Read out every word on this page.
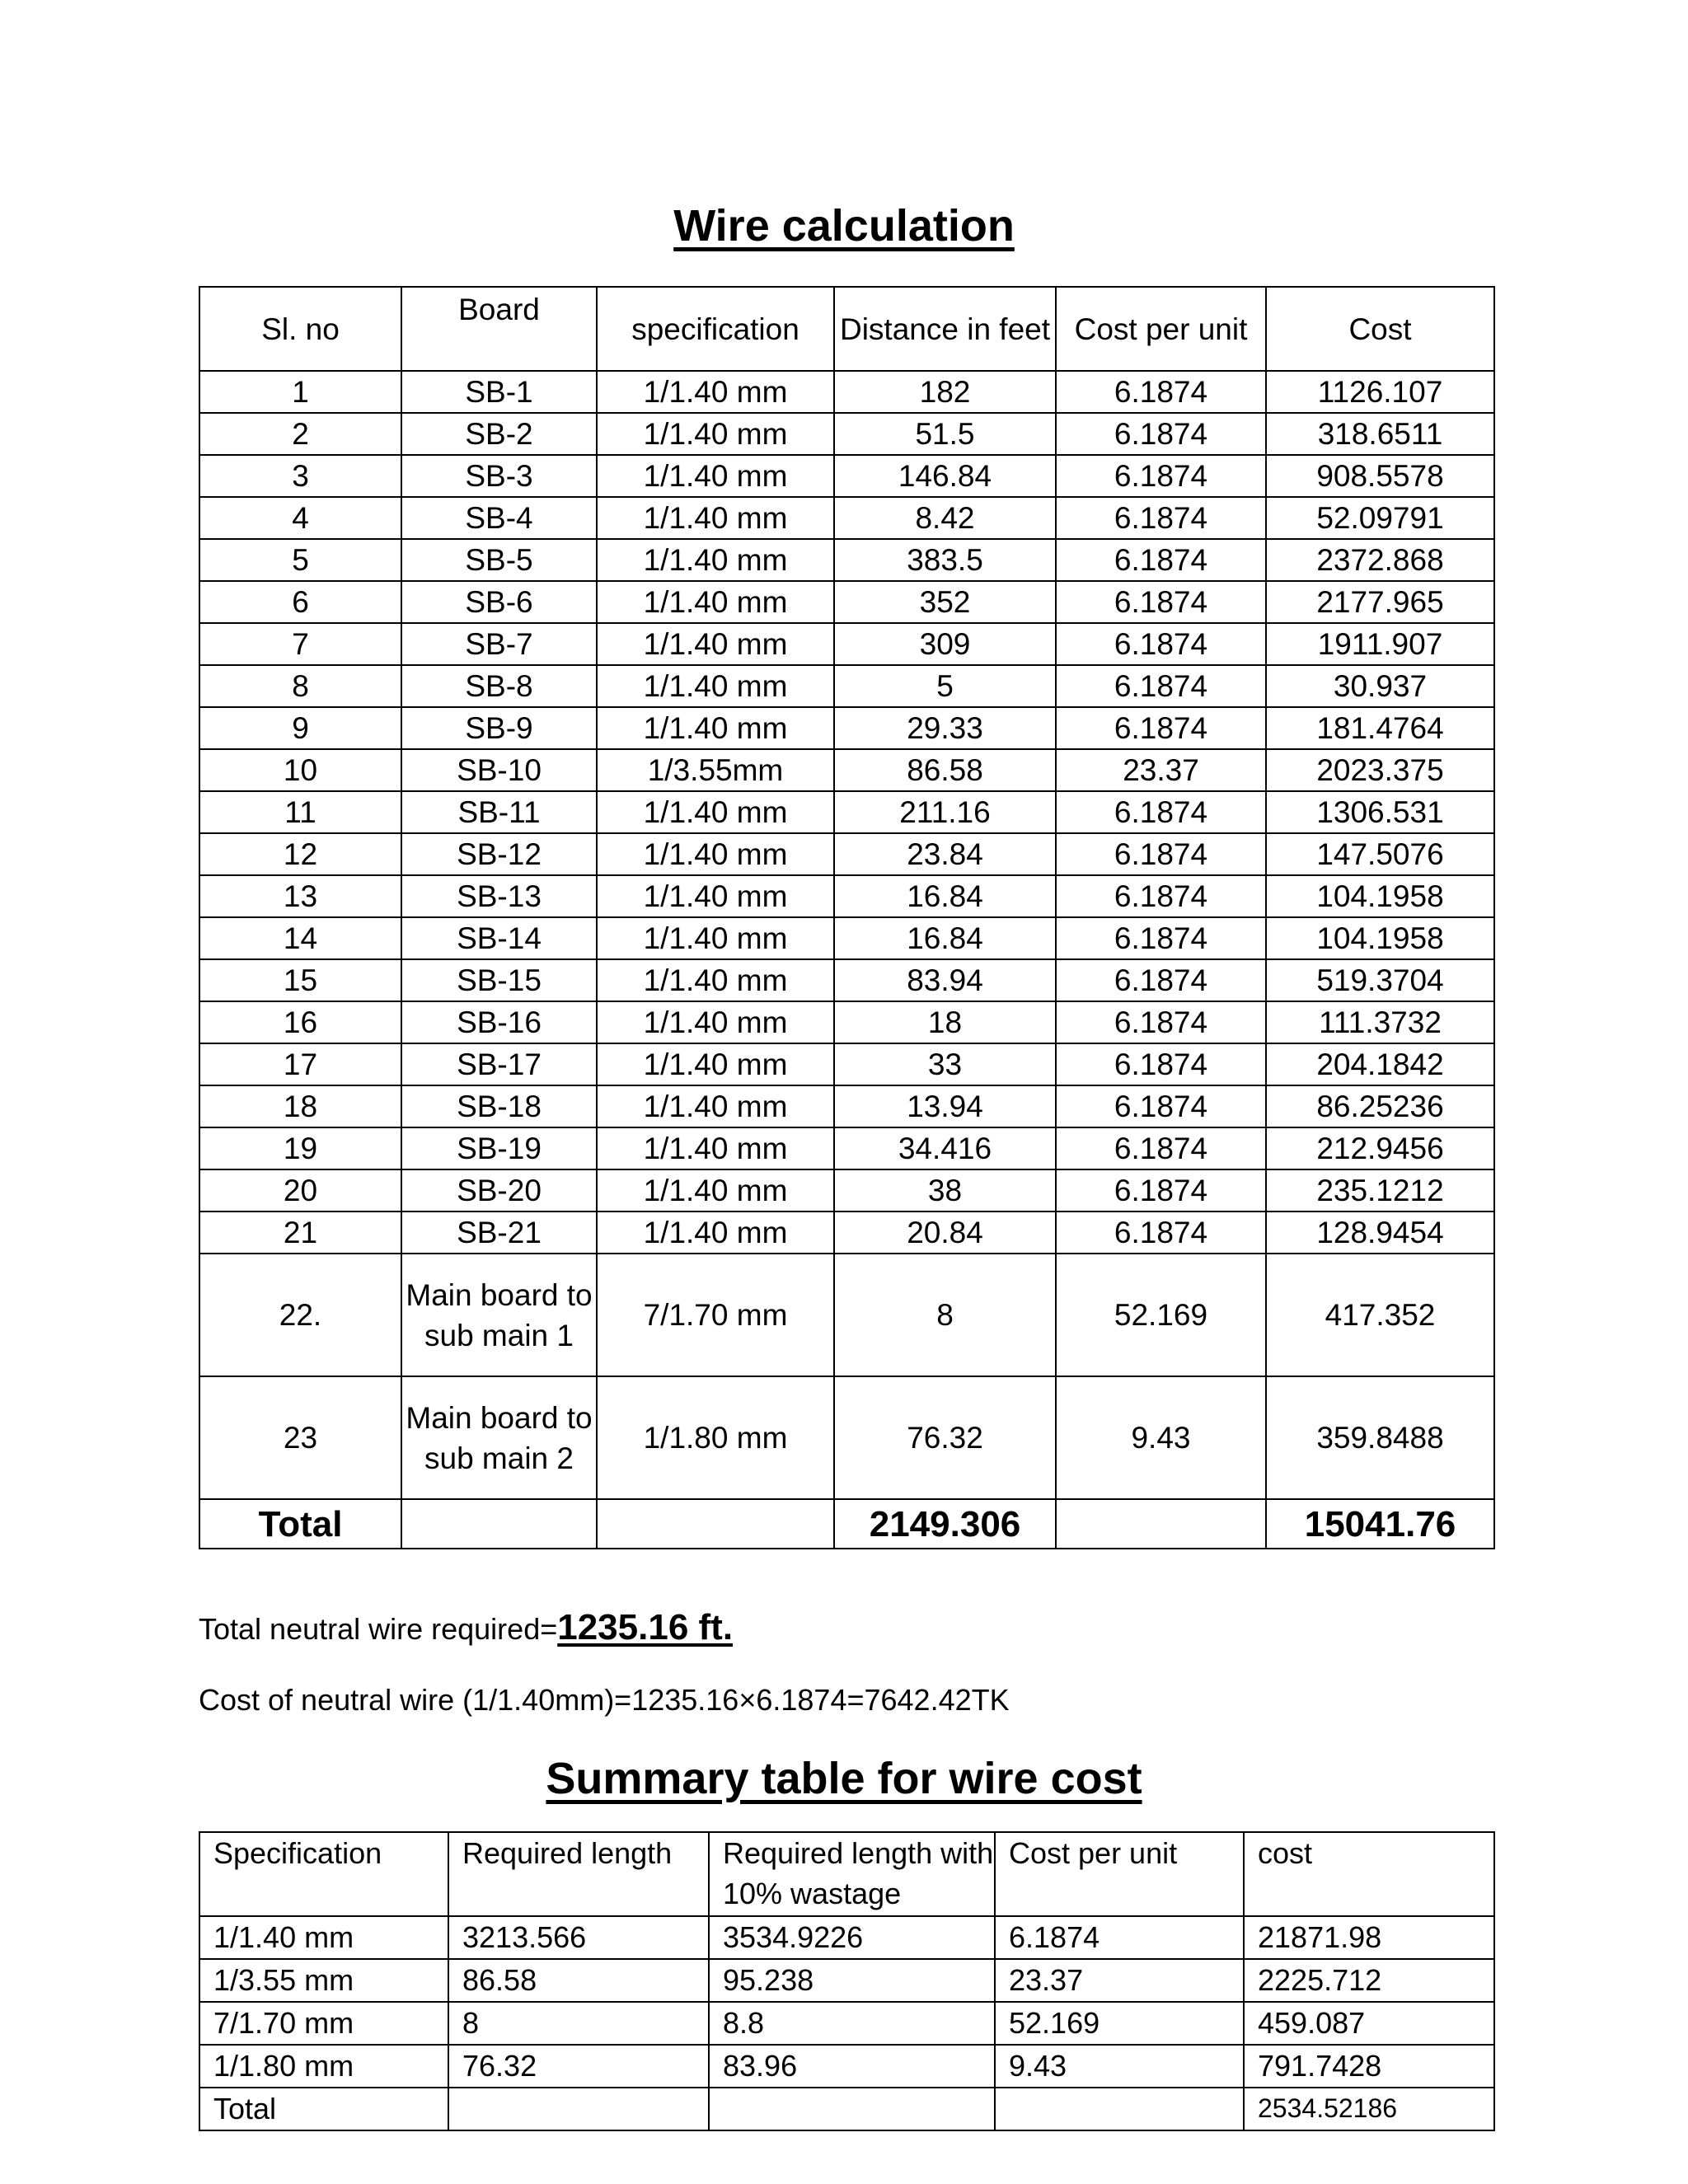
Wire calculation
Sl. no	Board	specification	Distance in feet	Cost per unit	Cost
1	SB-1	1/1.40 mm	182	6.1874	1126.107
2	SB-2	1/1.40 mm	51.5	6.1874	318.6511
3	SB-3	1/1.40 mm	146.84	6.1874	908.5578
4	SB-4	1/1.40 mm	8.42	6.1874	52.09791
5	SB-5	1/1.40 mm	383.5	6.1874	2372.868
6	SB-6	1/1.40 mm	352	6.1874	2177.965
7	SB-7	1/1.40 mm	309	6.1874	1911.907
8	SB-8	1/1.40 mm	5	6.1874	30.937
9	SB-9	1/1.40 mm	29.33	6.1874	181.4764
10	SB-10	1/3.55mm	86.58	23.37	2023.375
11	SB-11	1/1.40 mm	211.16	6.1874	1306.531
12	SB-12	1/1.40 mm	23.84	6.1874	147.5076
13	SB-13	1/1.40 mm	16.84	6.1874	104.1958
14	SB-14	1/1.40 mm	16.84	6.1874	104.1958
15	SB-15	1/1.40 mm	83.94	6.1874	519.3704
16	SB-16	1/1.40 mm	18	6.1874	111.3732
17	SB-17	1/1.40 mm	33	6.1874	204.1842
18	SB-18	1/1.40 mm	13.94	6.1874	86.25236
19	SB-19	1/1.40 mm	34.416	6.1874	212.9456
20	SB-20	1/1.40 mm	38	6.1874	235.1212
21	SB-21	1/1.40 mm	20.84	6.1874	128.9454
22.	Main board to sub main 1	7/1.70 mm	8	52.169	417.352
23	Main board to sub main 2	1/1.80 mm	76.32	9.43	359.8488
Total			2149.306		15041.76
Total neutral wire required=1235.16 ft.
Cost of neutral wire (1/1.40mm)=1235.16×6.1874=7642.42TK
Summary table for wire cost
Specification	Required length	Required length with 10% wastage	Cost per unit	cost
1/1.40 mm	3213.566	3534.9226	6.1874	21871.98
1/3.55 mm	86.58	95.238	23.37	2225.712
7/1.70 mm	8	8.8	52.169	459.087
1/1.80 mm	76.32	83.96	9.43	791.7428
Total				2534.52186
